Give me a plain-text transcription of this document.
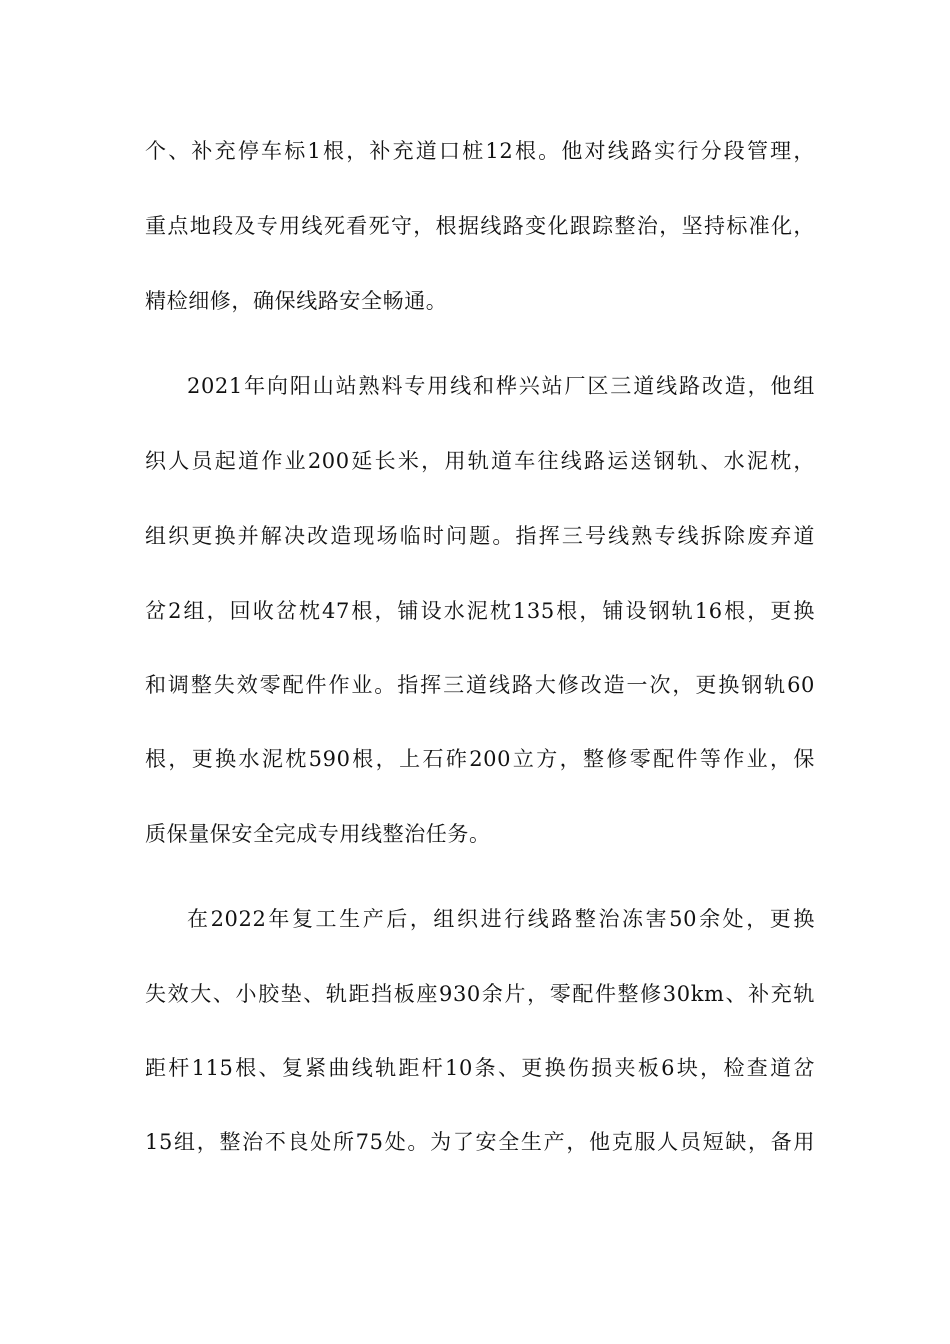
个、补充停车标1根，补充道口桩12根。他对线路实行分段管理，
重点地段及专用线死看死守，根据线路变化跟踪整治，坚持标准化，
精检细修，确保线路安全畅通。
2021年向阳山站熟料专用线和桦兴站厂区三道线路改造，他组
织人员起道作业200延长米，用轨道车往线路运送钢轨、水泥枕，
组织更换并解决改造现场临时问题。指挥三号线熟专线拆除废弃道
岔2组，回收岔枕47根，铺设水泥枕135根，铺设钢轨16根，更换
和调整失效零配件作业。指挥三道线路大修改造一次，更换钢轨60
根，更换水泥枕590根，上石砟200立方，整修零配件等作业，保
质保量保安全完成专用线整治任务。
在2022年复工生产后，组织进行线路整治冻害50余处，更换
失效大、小胶垫、轨距挡板座930余片，零配件整修30km、补充轨
距杆115根、复紧曲线轨距杆10条、更换伤损夹板6块，检查道岔
15组，整治不良处所75处。为了安全生产，他克服人员短缺，备用
